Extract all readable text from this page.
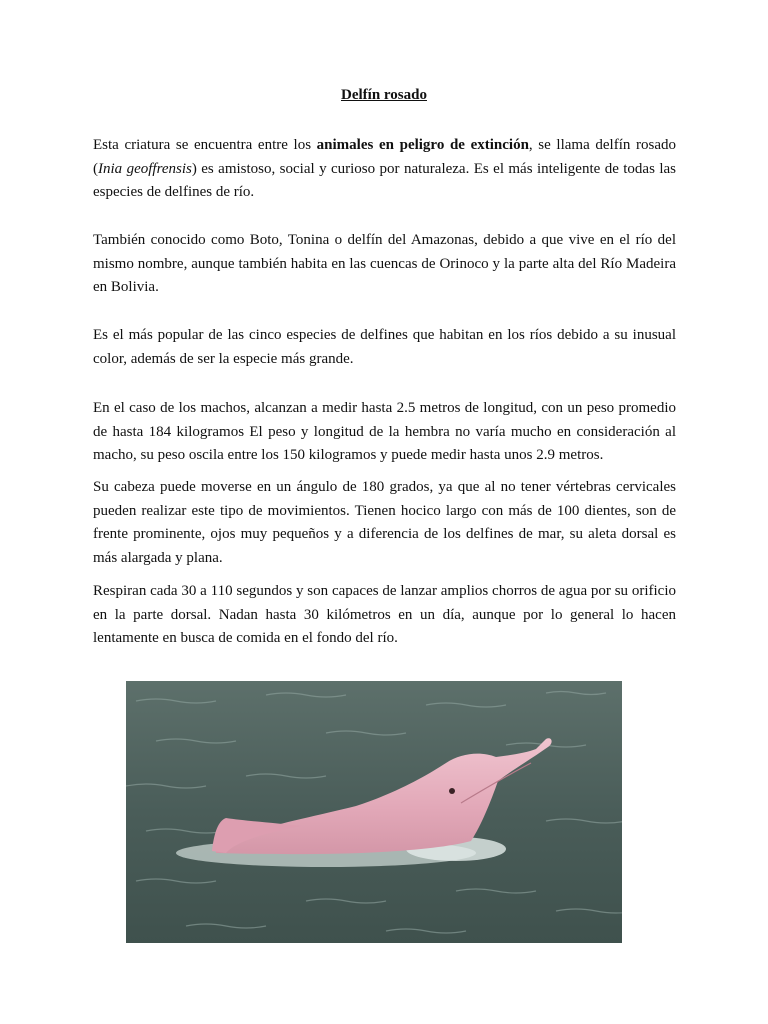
Delfín rosado

Esta criatura se encuentra entre los animales en peligro de extinción, se llama delfín rosado (Inia geoffrensis) es amistoso, social y curioso por naturaleza. Es el más inteligente de todas las especies de delfines de río.

También conocido como Boto, Tonina o delfín del Amazonas, debido a que vive en el río del mismo nombre, aunque también habita en las cuencas de Orinoco y la parte alta del Río Madeira en Bolivia.

Es el más popular de las cinco especies de delfines que habitan en los ríos debido a su inusual color, además de ser la especie más grande.

En el caso de los machos, alcanzan a medir hasta 2.5 metros de longitud, con un peso promedio de hasta 184 kilogramos El peso y longitud de la hembra no varía mucho en consideración al macho, su peso oscila entre los 150 kilogramos y puede medir hasta unos 2.9 metros.

Su cabeza puede moverse en un ángulo de 180 grados, ya que al no tener vértebras cervicales pueden realizar este tipo de movimientos. Tienen hocico largo con más de 100 dientes, son de frente prominente, ojos muy pequeños y a diferencia de los delfines de mar, su aleta dorsal es más alargada y plana.

Respiran cada 30 a 110 segundos y son capaces de lanzar amplios chorros de agua por su orificio en la parte dorsal. Nadan hasta 30 kilómetros en un día, aunque por lo general lo hacen lentamente en busca de comida en el fondo del río.
